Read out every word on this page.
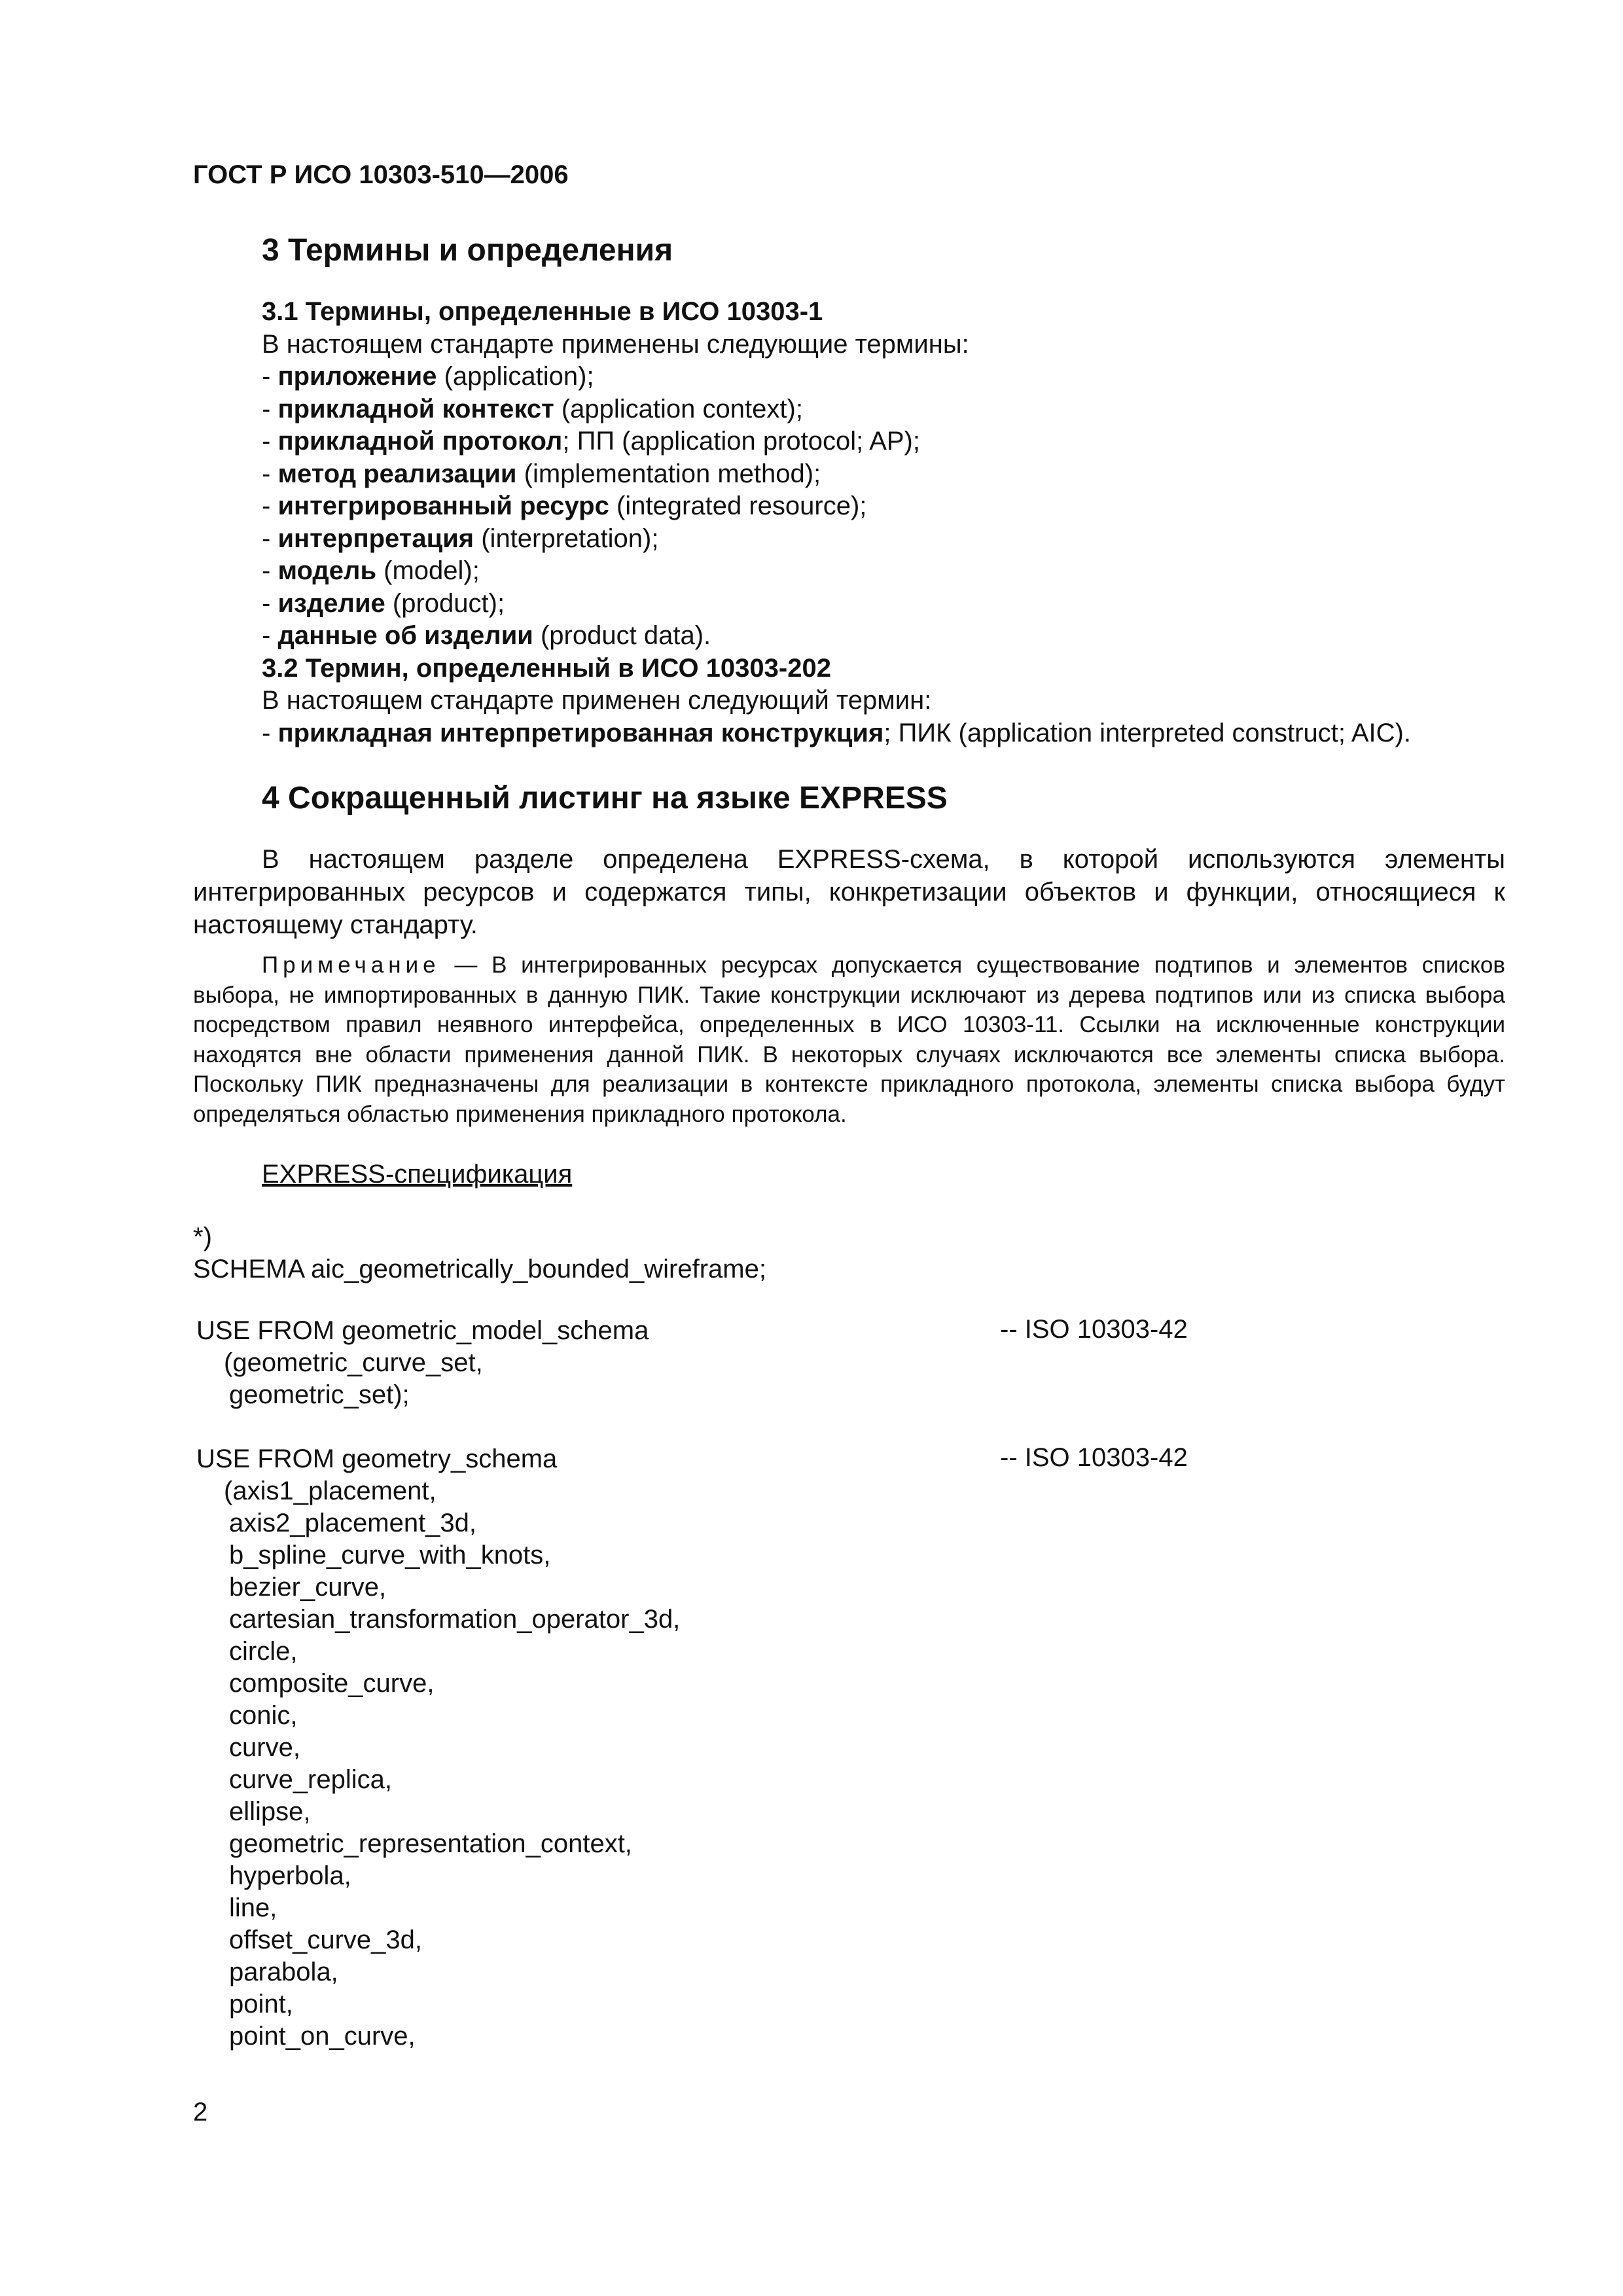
ГОСТ Р ИСО 10303-510—2006
3 Термины и определения
3.1 Термины, определенные в ИСО 10303-1
В настоящем стандарте применены следующие термины:
- приложение (application);
- прикладной контекст (application context);
- прикладной протокол; ПП (application protocol; AP);
- метод реализации (implementation method);
- интегрированный ресурс (integrated resource);
- интерпретация (interpretation);
- модель (model);
- изделие (product);
- данные об изделии (product data).
3.2 Термин, определенный в ИСО 10303-202
В настоящем стандарте применен следующий термин:
- прикладная интерпретированная конструкция; ПИК (application interpreted construct; AIC).
4 Сокращенный листинг на языке EXPRESS
В настоящем разделе определена EXPRESS-схема, в которой используются элементы интегрированных ресурсов и содержатся типы, конкретизации объектов и функции, относящиеся к настоящему стандарту.
Примечание — В интегрированных ресурсах допускается существование подтипов и элементов списков выбора, не импортированных в данную ПИК. Такие конструкции исключают из дерева подтипов или из списка выбора посредством правил неявного интерфейса, определенных в ИСО 10303-11. Ссылки на исключенные конструкции находятся вне области применения данной ПИК. В некоторых случаях исключаются все элементы списка выбора. Поскольку ПИК предназначены для реализации в контексте прикладного протокола, элементы списка выбора будут определяться областью применения прикладного протокола.
EXPRESS-спецификация
*)
SCHEMA aic_geometrically_bounded_wireframe;
USE FROM geometric_model_schema
(geometric_curve_set,
geometric_set);
-- ISO 10303-42
USE FROM geometry_schema
(axis1_placement,
axis2_placement_3d,
b_spline_curve_with_knots,
bezier_curve,
cartesian_transformation_operator_3d,
circle,
composite_curve,
conic,
curve,
curve_replica,
ellipse,
geometric_representation_context,
hyperbola,
line,
offset_curve_3d,
parabola,
point,
point_on_curve,
-- ISO 10303-42
2
